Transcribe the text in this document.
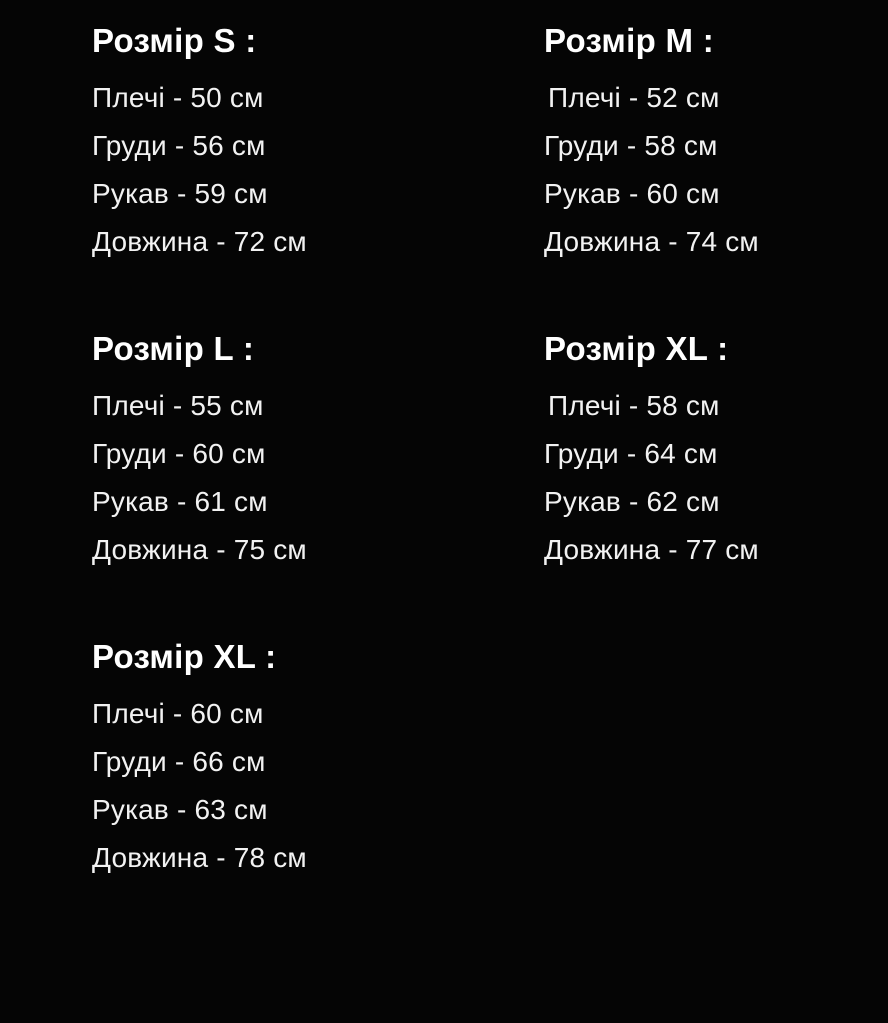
Розмір S :
Плечі - 50 см
Груди - 56 см
Рукав - 59 см
Довжина - 72 см
Розмір M :
Плечі - 52 см
Груди - 58 см
Рукав - 60 см
Довжина - 74 см
Розмір L :
Плечі - 55 см
Груди - 60 см
Рукав - 61 см
Довжина - 75 см
Розмір XL :
Плечі - 58 см
Груди - 64 см
Рукав - 62 см
Довжина - 77 см
Розмір XL :
Плечі - 60 см
Груди - 66 см
Рукав - 63 см
Довжина - 78 см
